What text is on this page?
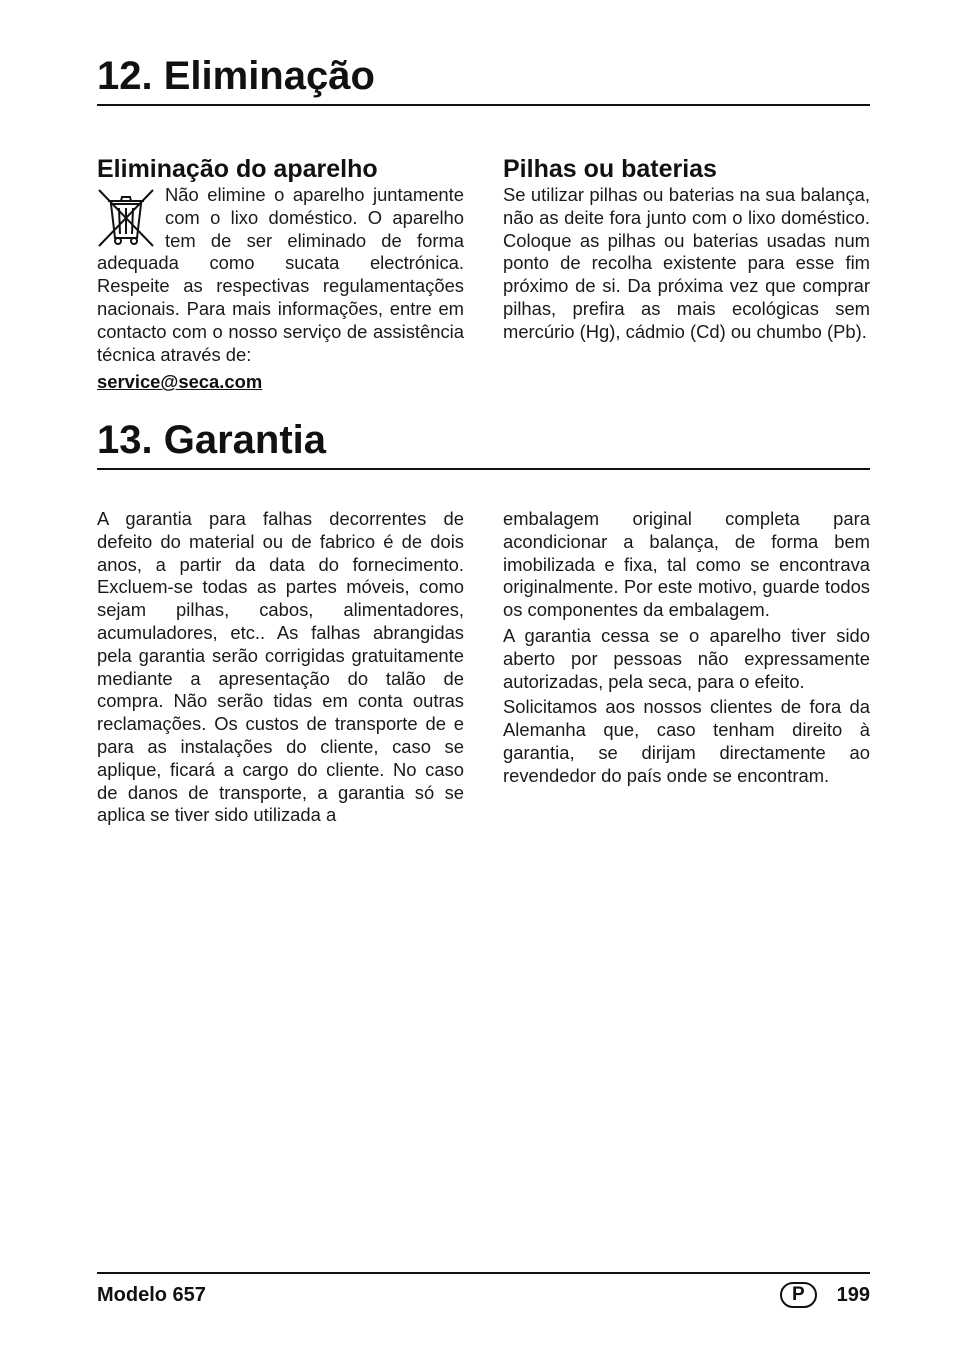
12. Eliminação
Eliminação do aparelho

Não elimine o aparelho juntamente com o lixo doméstico. O aparelho tem de ser eliminado de forma adequada como sucata electrónica. Respeite as respectivas regulamentações nacionais. Para mais informações, entre em contacto com o nosso serviço de assistência técnica através de:

service@seca.com
Pilhas ou baterias

Se utilizar pilhas ou baterias na sua balança, não as deite fora junto com o lixo doméstico. Coloque as pilhas ou baterias usadas num ponto de recolha existente para esse fim próximo de si. Da próxima vez que comprar pilhas, prefira as mais ecológicas sem mercúrio (Hg), cádmio (Cd) ou chumbo (Pb).

13. Garantia

A garantia para falhas decorrentes de defeito do material ou de fabrico é de dois anos, a partir da data do fornecimento. Excluem-se todas as partes móveis, como sejam pilhas, cabos, alimentadores, acumuladores, etc.. As falhas abrangidas pela garantia serão corrigidas gratuitamente mediante a apresentação do talão de compra. Não serão tidas em conta outras reclamações. Os custos de transporte de e para as instalações do cliente, caso se aplique, ficará a cargo do cliente. No caso de danos de transporte, a garantia só se aplica se tiver sido utilizada a

embalagem original completa para acondicionar a balança, de forma bem imobilizada e fixa, tal como se encontrava originalmente. Por este motivo, guarde todos os componentes da embalagem.

A garantia cessa se o aparelho tiver sido aberto por pessoas não expressamente autorizadas, pela seca, para o efeito.

Solicitamos aos nossos clientes de fora da Alemanha que, caso tenham direito à garantia, se dirijam directamente ao revendedor do país onde se encontram.

Modelo 657	P	199
